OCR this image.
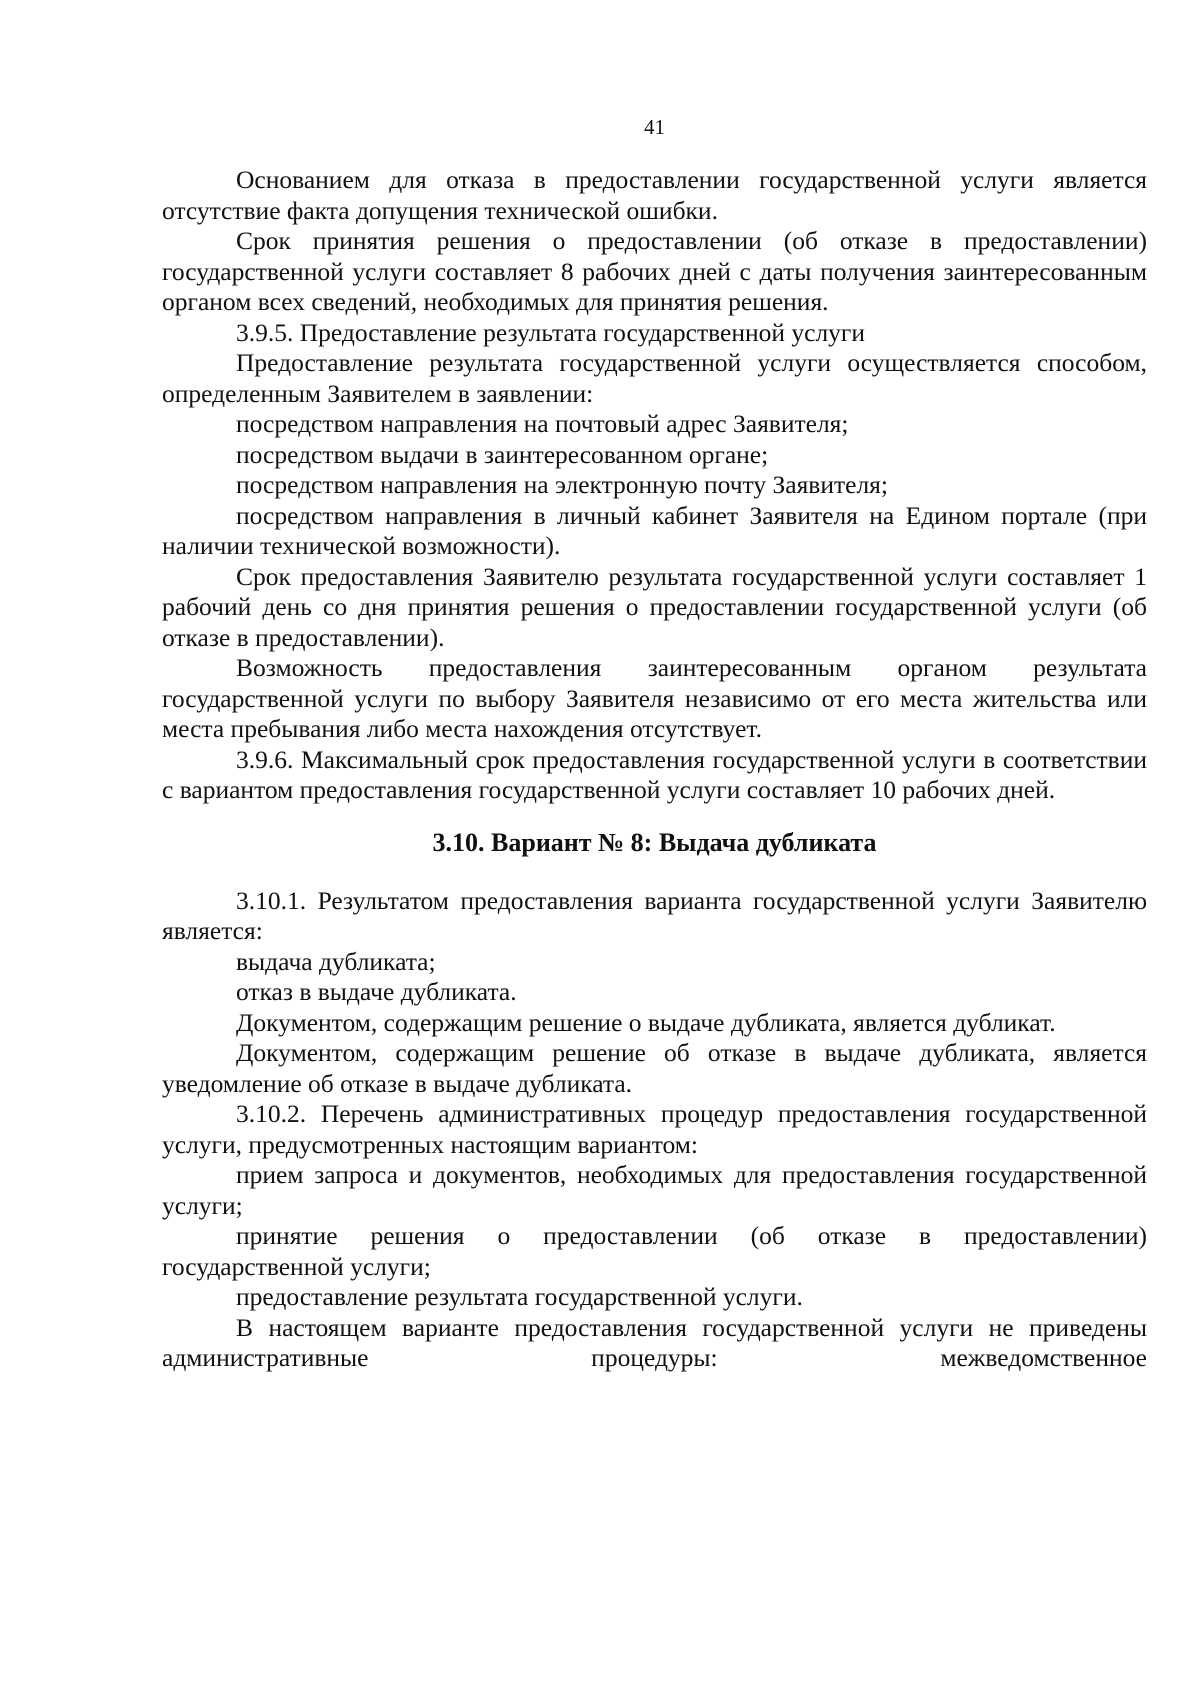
41

Основанием для отказа в предоставлении государственной услуги является отсутствие факта допущения технической ошибки.

Срок принятия решения о предоставлении (об отказе в предоставлении) государственной услуги составляет 8 рабочих дней с даты получения заинтересованным органом всех сведений, необходимых для принятия решения.

3.9.5. Предоставление результата государственной услуги

Предоставление результата государственной услуги осуществляется способом, определенным Заявителем в заявлении:

посредством направления на почтовый адрес Заявителя;

посредством выдачи в заинтересованном органе;

посредством направления на электронную почту Заявителя;

посредством направления в личный кабинет Заявителя на Едином портале (при наличии технической возможности).

Срок предоставления Заявителю результата государственной услуги составляет 1 рабочий день со дня принятия решения о предоставлении государственной услуги (об отказе в предоставлении).

Возможность предоставления заинтересованным органом результата государственной услуги по выбору Заявителя независимо от его места жительства или места пребывания либо места нахождения отсутствует.

3.9.6. Максимальный срок предоставления государственной услуги в соответствии с вариантом предоставления государственной услуги составляет 10 рабочих дней.

3.10. Вариант № 8: Выдача дубликата

3.10.1. Результатом предоставления варианта государственной услуги Заявителю является:

выдача дубликата;

отказ в выдаче дубликата.

Документом, содержащим решение о выдаче дубликата, является дубликат.

Документом, содержащим решение об отказе в выдаче дубликата, является уведомление об отказе в выдаче дубликата.

3.10.2. Перечень административных процедур предоставления государственной услуги, предусмотренных настоящим вариантом:

прием запроса и документов, необходимых для предоставления государственной услуги;

принятие решения о предоставлении (об отказе в предоставлении) государственной услуги;

предоставление результата государственной услуги.

В настоящем варианте предоставления государственной услуги не приведены административные процедуры: межведомственное
